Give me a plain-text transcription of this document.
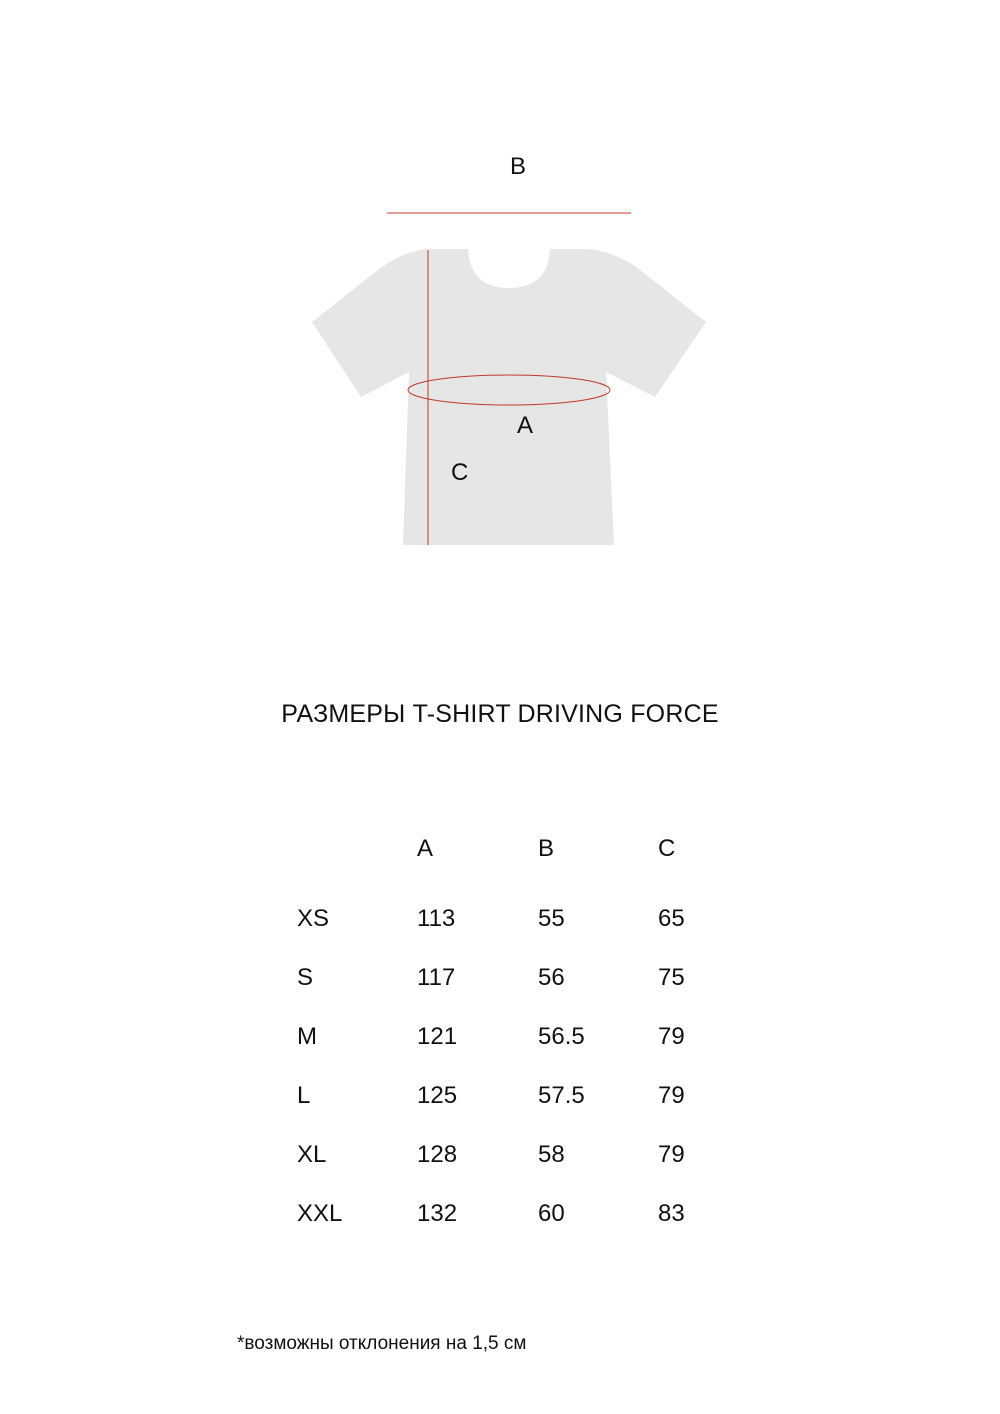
B
A
C
РАЗМЕРЫ T-SHIRT DRIVING FORCE
	A	B	C
XS	113	55	65
S	117	56	75
M	121	56.5	79
L	125	57.5	79
XL	128	58	79
XXL	132	60	83
*возможны отклонения на 1,5 см
